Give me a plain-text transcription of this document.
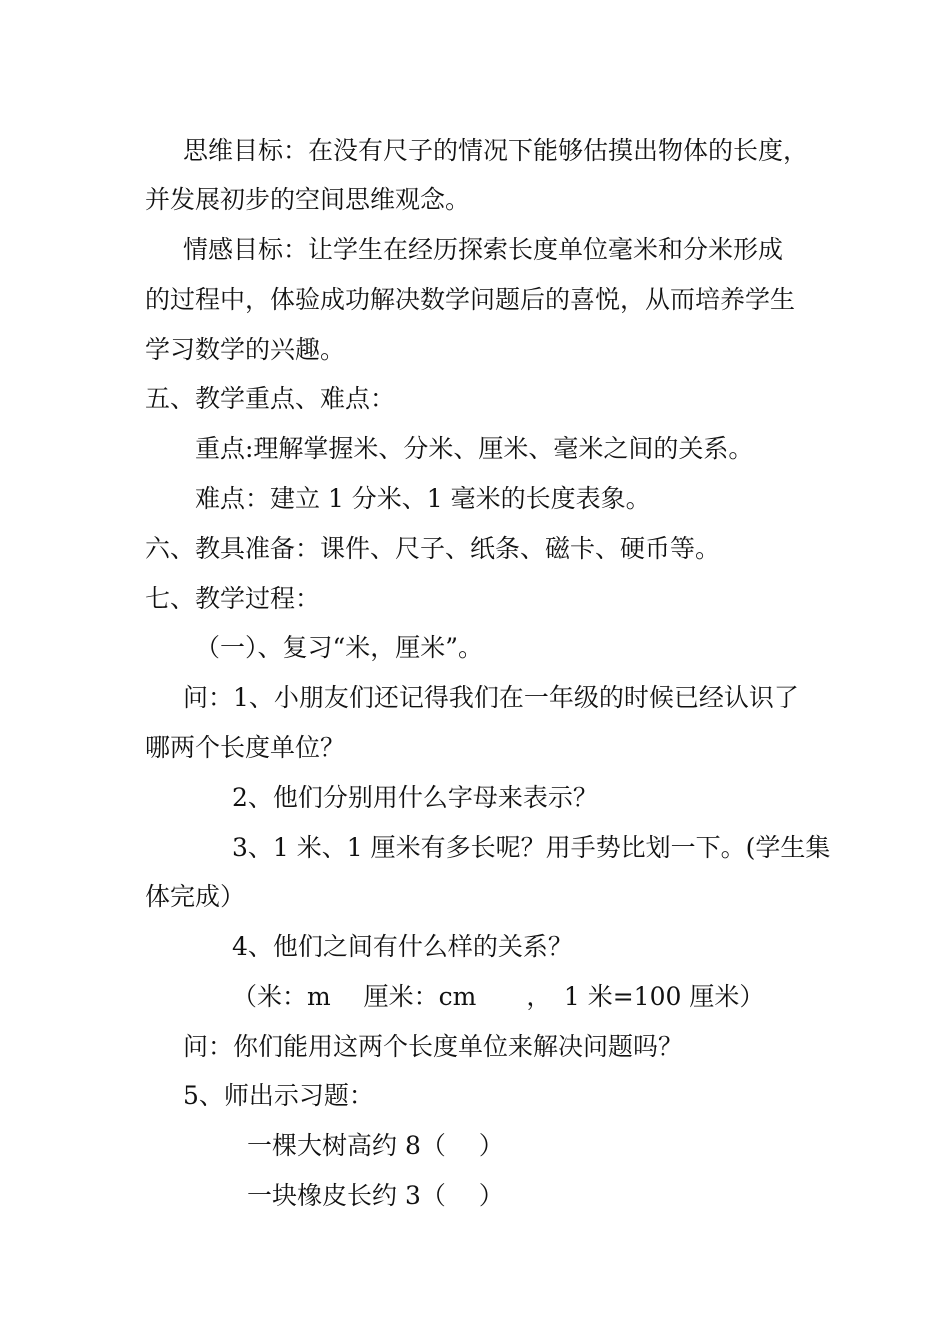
思维目标：在没有尺子的情况下能够估摸出物体的长度，
并发展初步的空间思维观念。
情感目标：让学生在经历探索长度单位毫米和分米形成
的过程中，体验成功解决数学问题后的喜悦，从而培养学生
学习数学的兴趣。
五、教学重点、难点：
重点:理解掌握米、分米、厘米、毫米之间的关系。
难点：建立 1 分米、1 毫米的长度表象。
六、教具准备：课件、尺子、纸条、磁卡、硬币等。
七、教学过程：
（一）、复习“米，厘米”。
问：1、小朋友们还记得我们在一年级的时候已经认识了
哪两个长度单位？
2、他们分别用什么字母来表示？
3、1 米、1 厘米有多长呢？用手势比划一下。(学生集
体完成）
4、他们之间有什么样的关系？
（米：m　 厘米：cm　　，　1 米=100 厘米）
问：你们能用这两个长度单位来解决问题吗？
5、师出示习题：
一棵大树高约 8（　 ）
一块橡皮长约 3（　 ）
